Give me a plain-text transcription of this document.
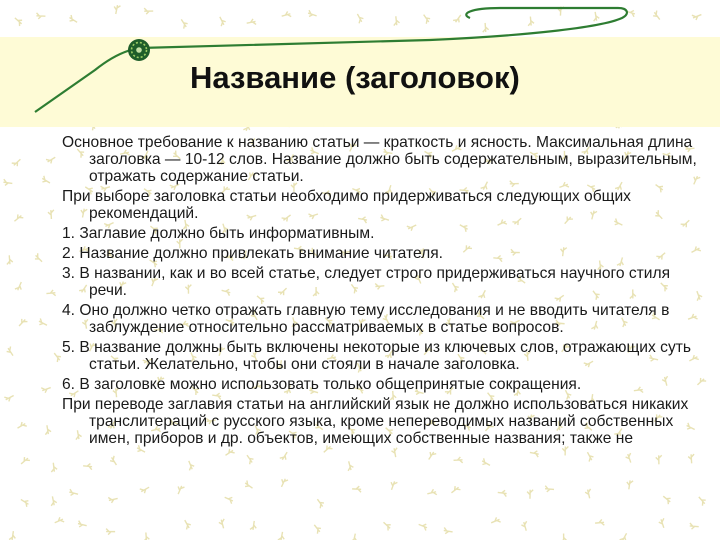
Название (заголовок)

Основное требование к названию статьи — краткость и ясность. Максимальная длина заголовка — 10-12 слов. Название должно быть содержательным, выразительным, отражать содержание статьи.

При выборе заголовка статьи необходимо придерживаться следующих общих рекомендаций.

1. Заглавие должно быть информативным.

2. Название должно привлекать внимание читателя.

3. В названии, как и во всей статье, следует строго придерживаться научного стиля речи.

4. Оно должно четко отражать главную тему исследования и не вводить читателя в заблуждение относительно рассматриваемых в статье вопросов.

5. В название должны быть включены некоторые из ключевых слов, отражающих суть статьи. Желательно, чтобы они стояли в начале заголовка.

6. В заголовке можно использовать только общепринятые сокращения.

При переводе заглавия статьи на английский язык не должно использоваться никаких транслитераций с русского языка, кроме непереводимых названий собственных имен, приборов и др. объектов, имеющих собственные названия; также не
